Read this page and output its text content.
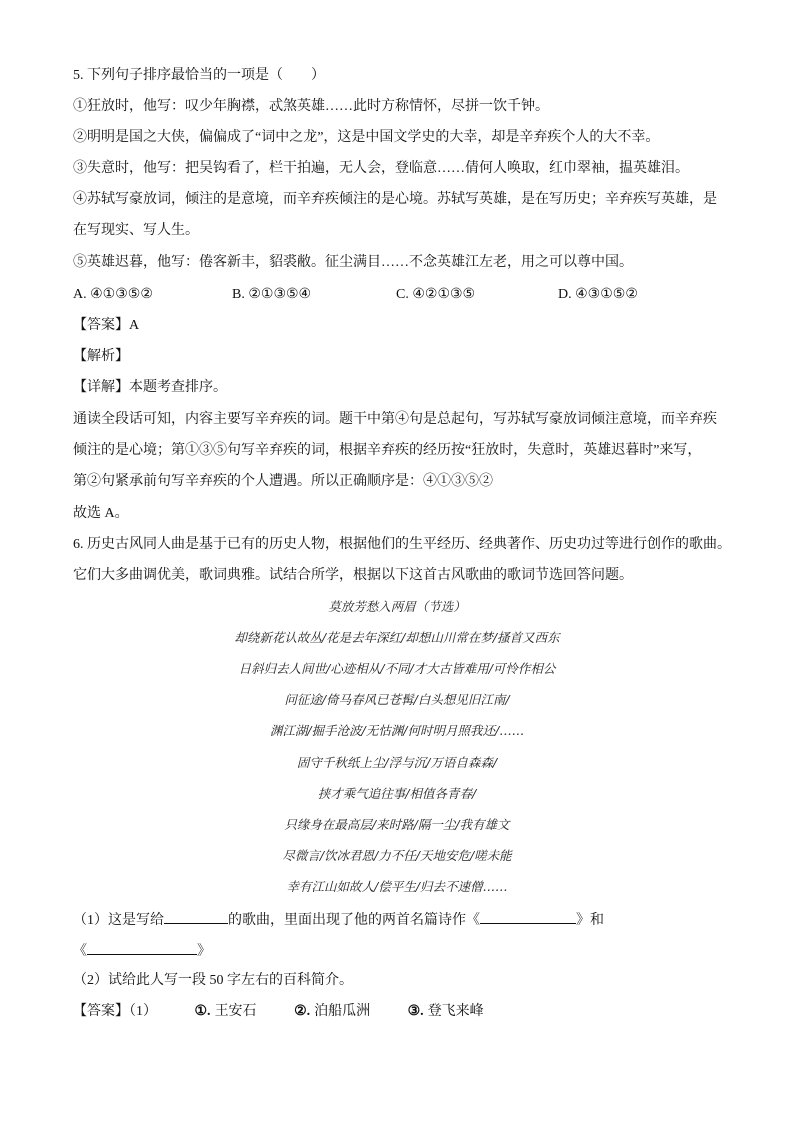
5. 下列句子排序最恰当的一项是（　　）
①狂放时，他写：叹少年胸襟，忒煞英雄……此时方称情怀，尽拼一饮千钟。
②明明是国之大侠，偏偏成了“词中之龙”，这是中国文学史的大幸，却是辛弃疾个人的大不幸。
③失意时，他写：把吴钩看了，栏干拍遍，无人会，登临意……倩何人唤取，红巾翠袖，揾英雄泪。
④苏轼写豪放词，倾注的是意境，而辛弃疾倾注的是心境。苏轼写英雄，是在写历史；辛弃疾写英雄，是
在写现实、写人生。
⑤英雄迟暮，他写：倦客新丰，貂裘敝。征尘满目……不念英雄江左老，用之可以尊中国。
A. ④①③⑤②	B. ②①③⑤④	C. ④②①③⑤	D. ④③①⑤②
【答案】A
【解析】
【详解】本题考查排序。
通读全段话可知，内容主要写辛弃疾的词。题干中第④句是总起句，写苏轼写豪放词倾注意境，而辛弃疾
倾注的是心境；第①③⑤句写辛弃疾的词，根据辛弃疾的经历按“狂放时，失意时，英雄迟暮时”来写，
第②句紧承前句写辛弃疾的个人遭遇。所以正确顺序是：④①③⑤②
故选 A。
6. 历史古风同人曲是基于已有的历史人物，根据他们的生平经历、经典著作、历史功过等进行创作的歌曲。
它们大多曲调优美，歌词典雅。试结合所学，根据以下这首古风歌曲的歌词节选回答问题。
莫放芳愁入两眉（节选）
却绕新花认故丛/花是去年深红/却想山川常在梦/搔首又西东
日斜归去人间世/心迹相从/不同/才大古皆难用/可怜作相公
问征途/倚马春风已苍髯/白头想见旧江南/
渊江湖/掘手沧波/无怙渊/何时明月照我还/……
固守千秋纸上尘/浮与沉/万语自森森/
挟才乘气追往事/相值各青春/
只缘身在最高层/来时路/隔一尘/我有雄文
尽微言/饮冰君恩/力不任/天地安危/嗟未能
幸有江山如故人/偿平生/归去不速僧……
（1）这是写给	的歌曲，里面出现了他的两首名篇诗作《	》和
《	》
（2）试给此人写一段 50 字左右的百科简介。
【答案】（1）	①. 王安石	②. 泊船瓜洲	③. 登飞来峰
